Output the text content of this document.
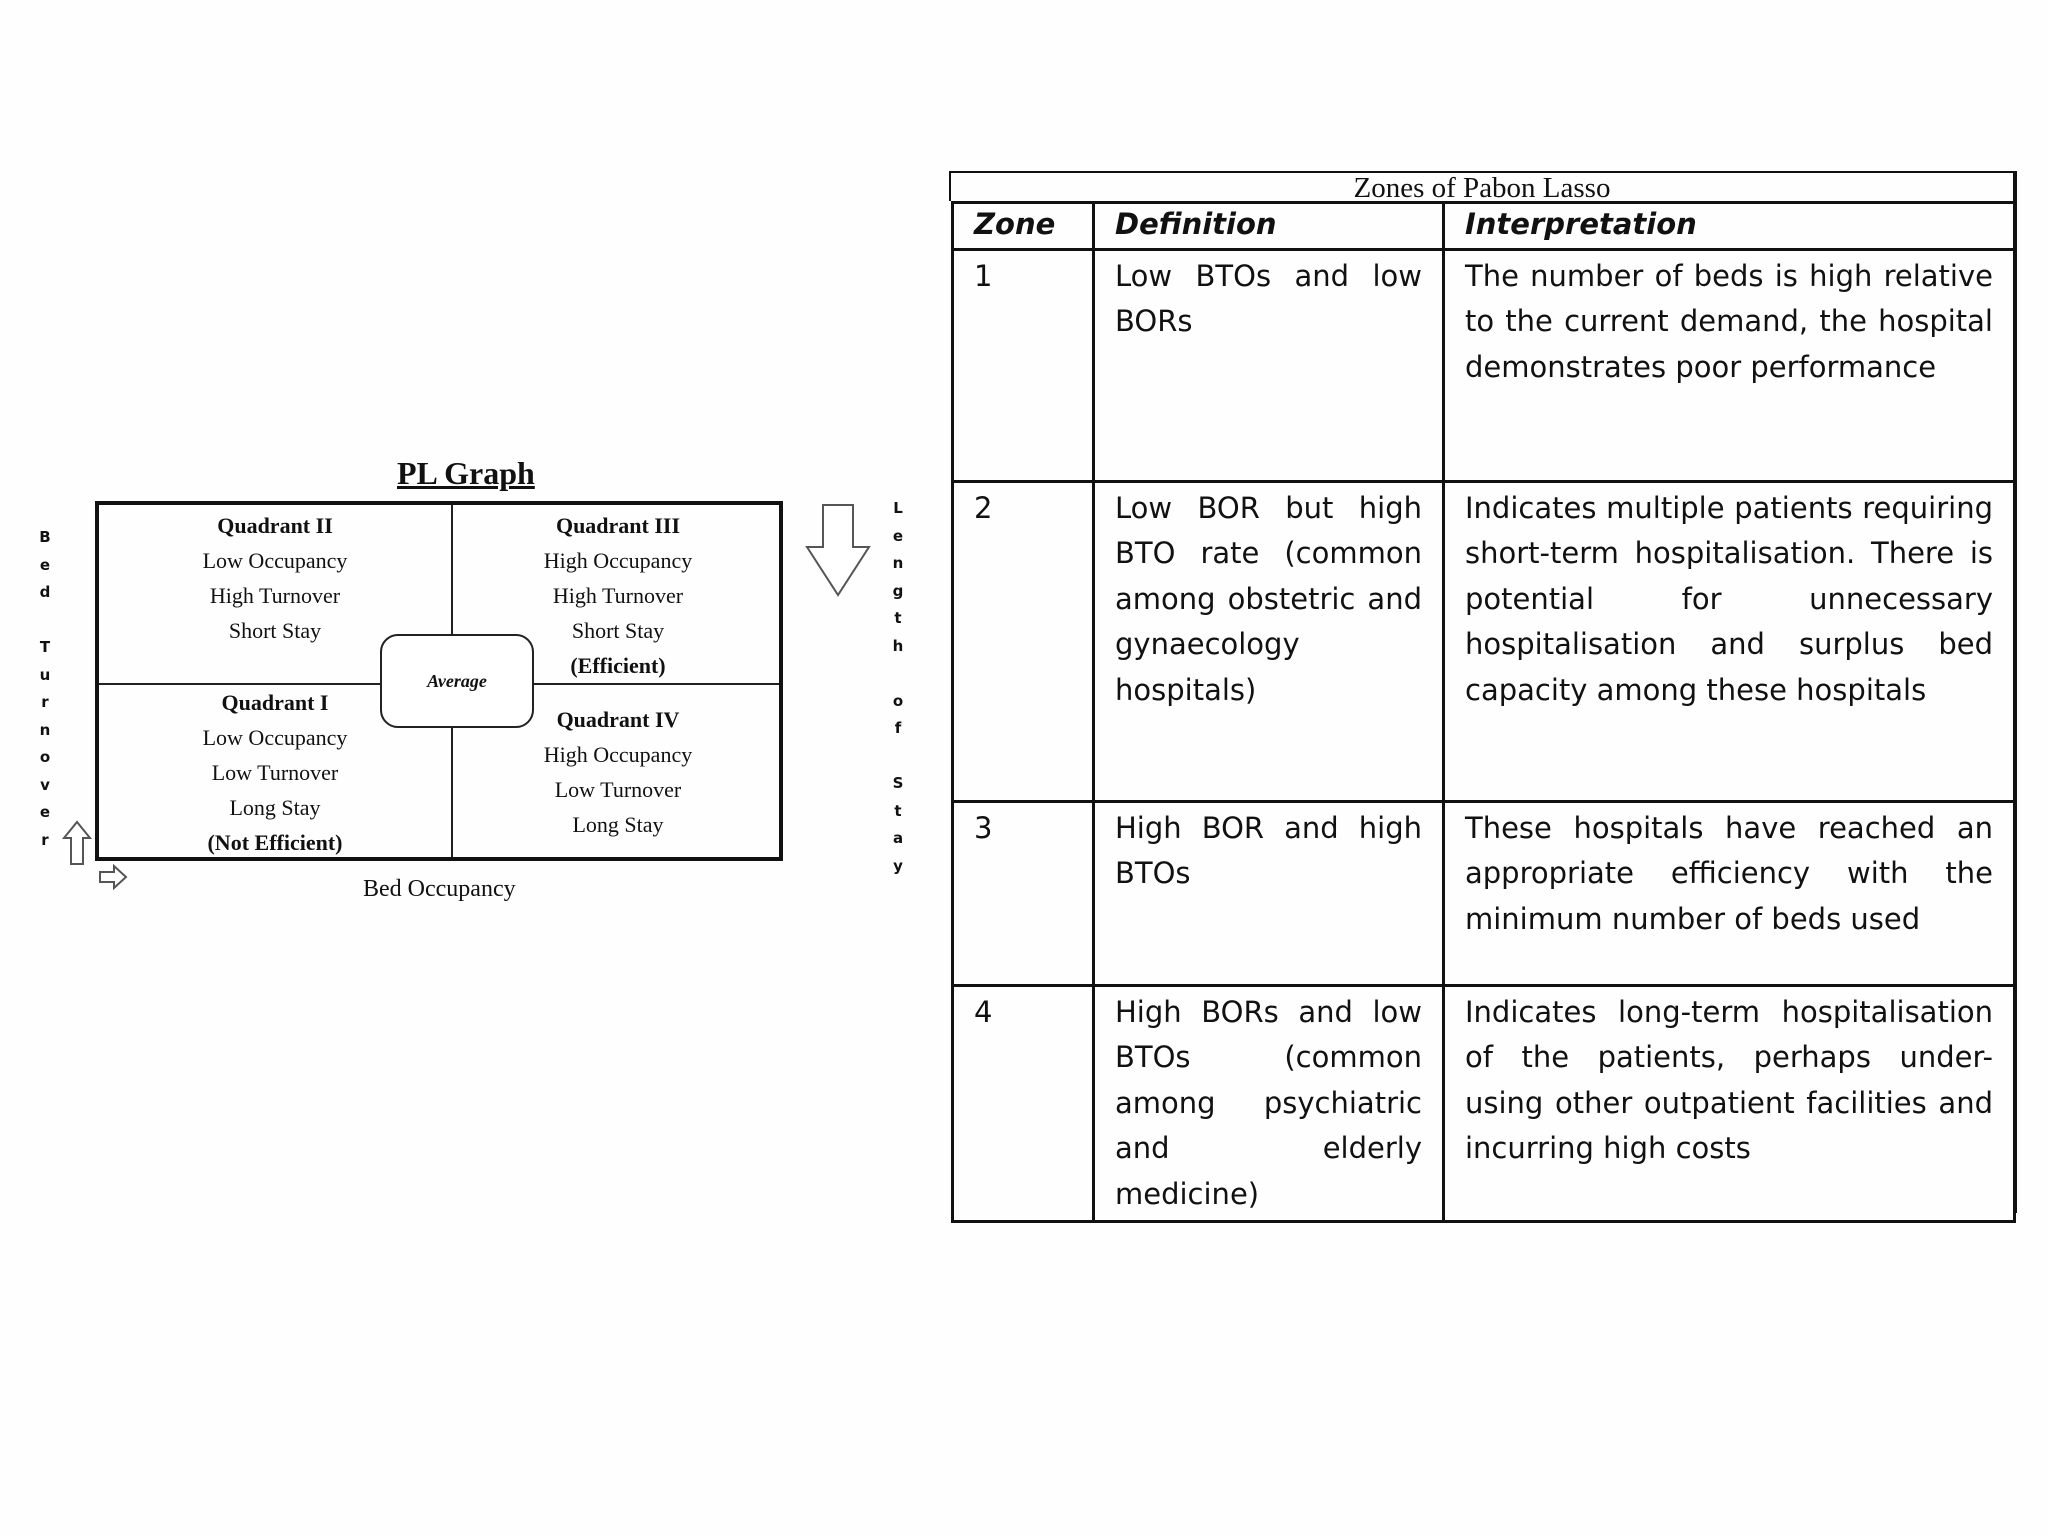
PL Graph
Quadrant II
Low Occupancy
High Turnover
Short Stay
Quadrant III
High Occupancy
High Turnover
Short Stay
(Efficient)
Quadrant I
Low Occupancy
Low Turnover
Long Stay
(Not Efficient)
Quadrant IV
High Occupancy
Low Turnover
Long Stay
Average
Bed Occupancy
B
e
d

T
u
r
n
o
v
e
r
L
e
n
g
t
h

o
f

S
t
a
y
Zones of Pabon Lasso
Zone	Definition	Interpretation
1	Low BTOs and low BORs	The number of beds is high relative to the current demand, the hospital demonstrates poor performance
2	Low BOR but high BTO rate (common among obstetric and gynaecology hospitals)	Indicates multiple patients requiring short-term hospitalisation. There is potential for unnecessary hospitalisation and surplus bed capacity among these hospitals
3	High BOR and high BTOs	These hospitals have reached an appropriate efficiency with the minimum number of beds used
4	High BORs and low BTOs (common among psychiatric and elderly medicine)	Indicates long-term hospitalisation of the patients, perhaps under-using other outpatient facilities and incurring high costs
